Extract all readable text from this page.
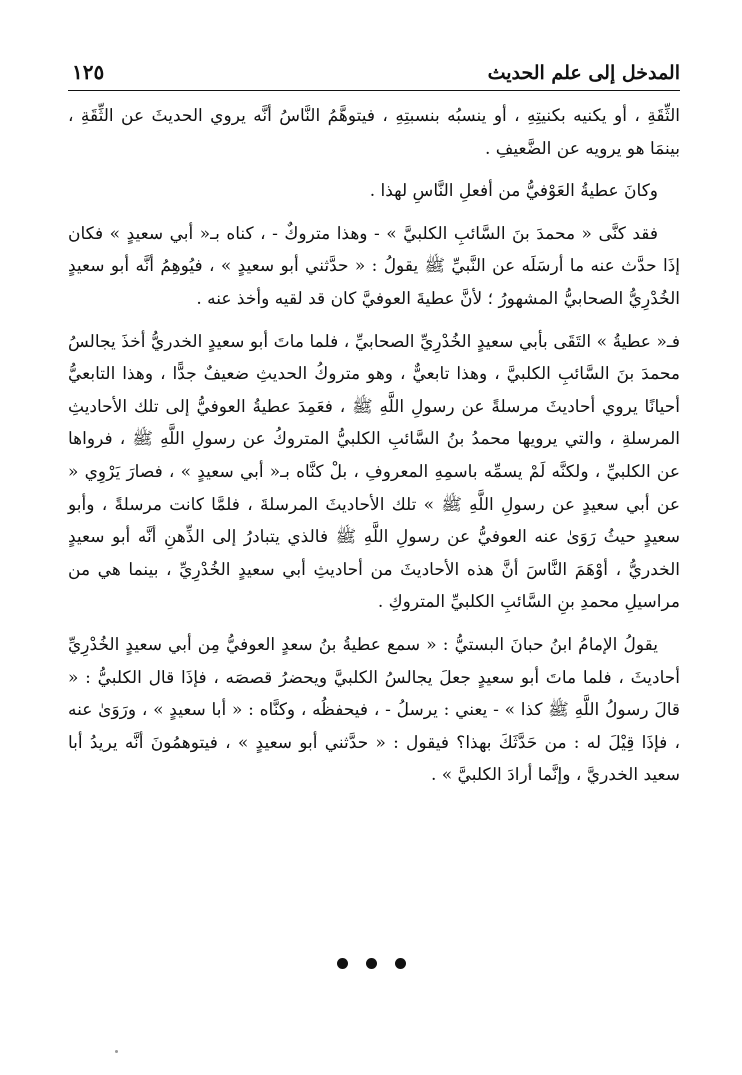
المدخل إلى علم الحديث
١٢٥

الثِّقَةِ ، أو يكنيه بكنيتِهِ ، أو ينسبُه بنسبتِهِ ، فيتوهَّمُ النَّاسُ أنَّه يروي الحديثَ عن الثِّقَةِ ، بينمَا هو يرويه عن الضَّعيفِ .

وكانَ عطيةُ العَوْفيُّ من أفعلِ النَّاسِ لهذا .

فقد كنَّى « محمدَ بنَ السَّائبِ الكلبيَّ » - وهذا متروكٌ - ، كناه بـ« أبي سعيدٍ » فكان إذَا حدَّث عنه ما أرسَلَه عن النَّبيِّ ﷺ يقولُ : « حدَّثني أبو سعيدٍ » ، فيُوهِمُ أنَّه أبو سعيدٍ الخُدْرِيُّ الصحابيُّ المشهورُ ؛ لأنَّ عطيةَ العوفيَّ كان قد لقيه وأخذ عنه .

فـ« عطيةُ » التَقَى بأبي سعيدٍ الخُدْرِيِّ الصحابيِّ ، فلما ماتَ أبو سعيدٍ الخدريُّ أخذَ يجالسُ محمدَ بنَ السَّائبِ الكلبيَّ ، وهذا تابعيٌّ ، وهو متروكُ الحديثِ ضعيفٌ جدًّا ، وهذا التابعيُّ أحيانًا يروي أحاديثَ مرسلةً عن رسولِ اللَّهِ ﷺ ، فعَمِدَ عطيةُ العوفيُّ إلى تلك الأحاديثِ المرسلةِ ، والتي يرويها محمدُ بنُ السَّائبِ الكلبيُّ المتروكُ عن رسولِ اللَّهِ ﷺ ، فرواها عن الكلبيِّ ، ولكنَّه لَمْ يسمِّه باسمِهِ المعروفِ ، بلْ كنَّاه بـ« أبي سعيدٍ » ، فصارَ يَرْوِي « عن أبي سعيدٍ عن رسولِ اللَّهِ ﷺ » تلك الأحاديثَ المرسلةَ ، فلمَّا كانت مرسلةً ، وأبو سعيدٍ حيثُ رَوَىٰ عنه العوفيُّ عن رسولِ اللَّهِ ﷺ فالذي يتبادرُ إلى الذِّهنِ أنَّه أبو سعيدٍ الخدريُّ ، أوْهَمَ النَّاسَ أنَّ هذه الأحاديثَ من أحاديثِ أبي سعيدٍ الخُدْرِيِّ ، بينما هي من مراسيلِ محمدِ بنِ السَّائبِ الكلبيِّ المتروكِ .

يقولُ الإمامُ ابنُ حبانَ البستيُّ : « سمع عطيةُ بنُ سعدٍ العوفيُّ مِن أبي سعيدٍ الخُدْرِيِّ أحاديثَ ، فلما ماتَ أبو سعيدٍ جعلَ يجالسُ الكلبيَّ ويحضرُ قصصَه ، فإذَا قال الكلبيُّ : « قالَ رسولُ اللَّهِ ﷺ كذا » - يعني : يرسلُ - ، فيحفظُه ، وكنَّاه : « أبا سعيدٍ » ، ورَوَىٰ عنه ، فإذَا قِيْلَ له : من حَدَّثَكَ بهذا؟ فيقول : « حدَّثني أبو سعيدٍ » ، فيتوهمُونَ أنَّه يريدُ أبا سعيد الخدريَّ ، وإنَّما أرادَ الكلبيَّ » .
